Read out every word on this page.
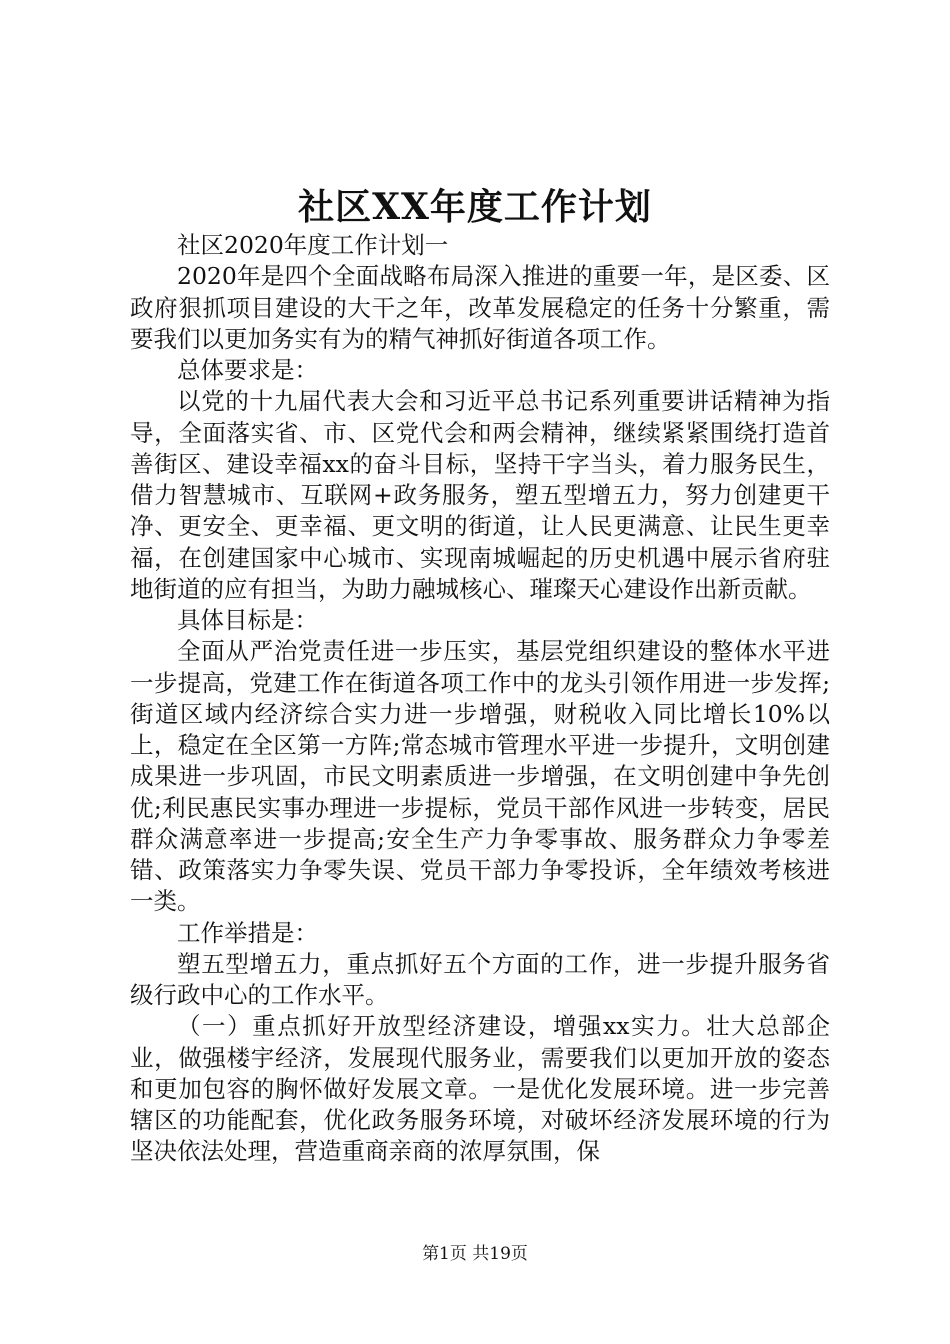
社区XX年度工作计划

社区2020年度工作计划一

2020年是四个全面战略布局深入推进的重要一年，是区委、区政府狠抓项目建设的大干之年，改革发展稳定的任务十分繁重，需要我们以更加务实有为的精气神抓好街道各项工作。

总体要求是：

以党的十九届代表大会和习近平总书记系列重要讲话精神为指导，全面落实省、市、区党代会和两会精神，继续紧紧围绕打造首善街区、建设幸福xx的奋斗目标，坚持干字当头，着力服务民生，借力智慧城市、互联网+政务服务，塑五型增五力，努力创建更干净、更安全、更幸福、更文明的街道，让人民更满意、让民生更幸福，在创建国家中心城市、实现南城崛起的历史机遇中展示省府驻地街道的应有担当，为助力融城核心、璀璨天心建设作出新贡献。

具体目标是：

全面从严治党责任进一步压实，基层党组织建设的整体水平进一步提高，党建工作在街道各项工作中的龙头引领作用进一步发挥;街道区域内经济综合实力进一步增强，财税收入同比增长10%以上，稳定在全区第一方阵;常态城市管理水平进一步提升，文明创建成果进一步巩固，市民文明素质进一步增强，在文明创建中争先创优;利民惠民实事办理进一步提标，党员干部作风进一步转变，居民群众满意率进一步提高;安全生产力争零事故、服务群众力争零差错、政策落实力争零失误、党员干部力争零投诉，全年绩效考核进一类。

工作举措是：

塑五型增五力，重点抓好五个方面的工作，进一步提升服务省级行政中心的工作水平。

（一）重点抓好开放型经济建设，增强xx实力。壮大总部企业，做强楼宇经济，发展现代服务业，需要我们以更加开放的姿态和更加包容的胸怀做好发展文章。一是优化发展环境。进一步完善辖区的功能配套，优化政务服务环境，对破坏经济发展环境的行为坚决依法处理，营造重商亲商的浓厚氛围，保

第1页 共19页
